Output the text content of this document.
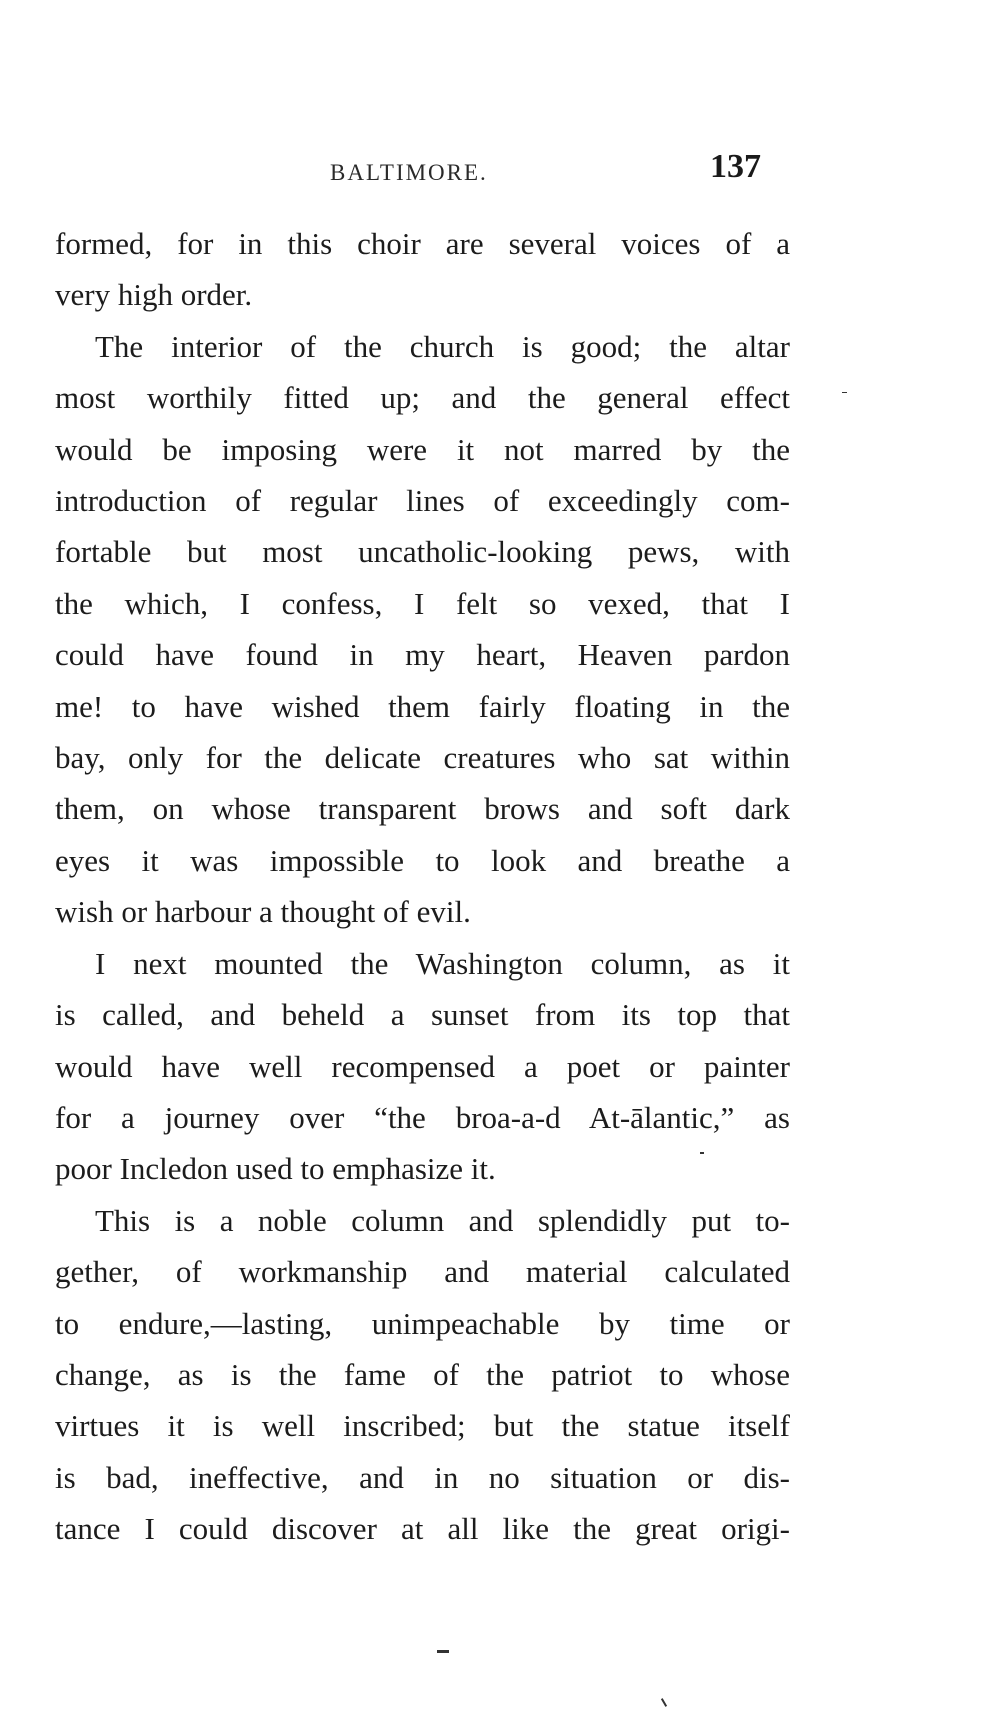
BALTIMORE.	137
formed, for in this choir are several voices of a
very high order.
The interior of the church is good; the altar
most worthily fitted up; and the general effect
would be imposing were it not marred by the
introduction of regular lines of exceedingly com-
fortable but most uncatholic-looking pews, with
the which, I confess, I felt so vexed, that I
could have found in my heart, Heaven pardon
me! to have wished them fairly floating in the
bay, only for the delicate creatures who sat within
them, on whose transparent brows and soft dark
eyes it was impossible to look and breathe a
wish or harbour a thought of evil.
I next mounted the Washington column, as it
is called, and beheld a sunset from its top that
would have well recompensed a poet or painter
for a journey over “the broa-a-d At-ālantic,” as
poor Incledon used to emphasize it.
This is a noble column and splendidly put to-
gether, of workmanship and material calculated
to endure,—lasting, unimpeachable by time or
change, as is the fame of the patriot to whose
virtues it is well inscribed; but the statue itself
is bad, ineffective, and in no situation or dis-
tance I could discover at all like the great origi-
